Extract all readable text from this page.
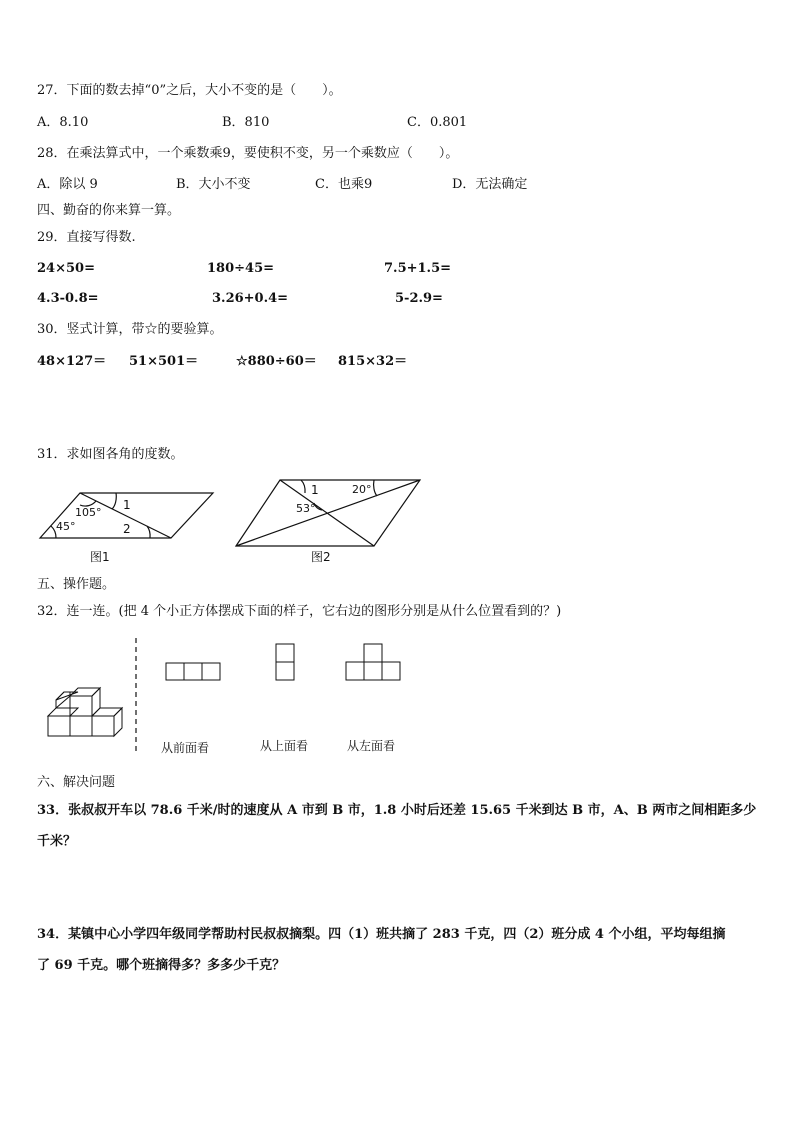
27．下面的数去掉“0”之后，大小不变的是（　　）。
A．8.10	B．810	C．0.801
28．在乘法算式中，一个乘数乘9，要使积不变，另一个乘数应（　　）。
A．除以 9	B．大小不变	C．也乘9	D．无法确定
四、勤奋的你来算一算。
29．直接写得数.
24×50=	180÷45=	7.5+1.5=
4.3-0.8=	3.26+0.4=	5-2.9=
30．竖式计算，带☆的要验算。
48×127＝ 51×501＝	☆880÷60＝ 815×32＝
31．求如图各角的度数。
105°
45°
1
2
图1
1	20°
53°
图2
五、操作题。
32．连一连。(把 4 个小正方体摆成下面的样子，它右边的图形分别是从什么位置看到的？)
从前面看	从上面看	从左面看
六、解决问题
33．张叔叔开车以 78.6 千米/时的速度从 A 市到 B 市，1.8 小时后还差 15.65 千米到达 B 市，A、B 两市之间相距多少
千米？
34．某镇中心小学四年级同学帮助村民叔叔摘梨。四（1）班共摘了 283 千克，四（2）班分成 4 个小组，平均每组摘
了 69 千克。哪个班摘得多？多多少千克？
